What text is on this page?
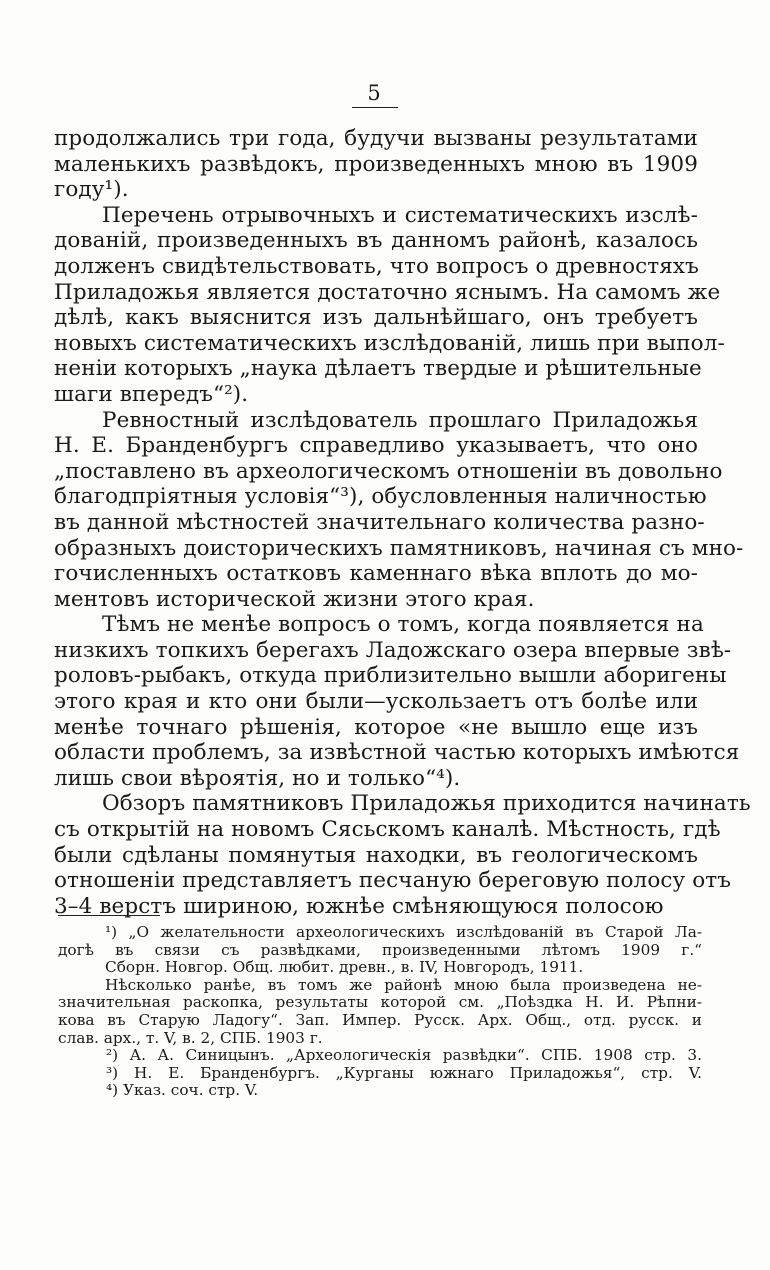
5

продолжались три года, будучи вызваны результатами
маленькихъ развѣдокъ, произведенныхъ мною въ 1909
году¹).

Перечень отрывочныхъ и систематическихъ изслѣ-
дованій, произведенныхъ въ данномъ районѣ, казалось
долженъ свидѣтельствовать, что вопросъ о древностяхъ
Приладожья является достаточно яснымъ. На самомъ же
дѣлѣ, какъ выяснится изъ дальнѣйшаго, онъ требуетъ
новыхъ систематическихъ изслѣдованій, лишь при выпол-
неніи которыхъ „наука дѣлаетъ твердые и рѣшительные
шаги впередъ“²).

Ревностный изслѣдователь прошлаго Приладожья
Н. Е. Бранденбургъ справедливо указываетъ, что оно
„поставлено въ археологическомъ отношеніи въ довольно
благодпріятныя условія“³), обусловленныя наличностью
въ данной мѣстностей значительнаго количества разно-
образныхъ доисторическихъ памятниковъ, начиная съ мно-
гочисленныхъ остатковъ каменнаго вѣка вплоть до мо-
ментовъ исторической жизни этого края.

Тѣмъ не менѣе вопросъ о томъ, когда появляется на
низкихъ топкихъ берегахъ Ладожскаго озера впервые звѣ-
роловъ-рыбакъ, откуда приблизительно вышли аборигены
этого края и кто они были—ускользаетъ отъ болѣе или
менѣе точнаго рѣшенія, которое «не вышло еще изъ
области проблемъ, за извѣстной частью которыхъ имѣются
лишь свои вѣроятія, но и только“⁴).

Обзоръ памятниковъ Приладожья приходится начинать
съ открытій на новомъ Сясьскомъ каналѣ. Мѣстность, гдѣ
были сдѣланы помянутыя находки, въ геологическомъ
отношеніи представляетъ песчаную береговую полосу отъ
3–4 верстъ шириною, южнѣе смѣняющуюся полосою

¹) „О желательности археологическихъ изслѣдованій въ Старой Ла-
догѣ въ связи съ развѣдками, произведенными лѣтомъ 1909 г.“
Сборн. Новгор. Общ. любит. древн., в. IV, Новгородъ, 1911.
Нѣсколько ранѣе, въ томъ же районѣ мною была произведена не-
значительная раскопка, результаты которой см. „Поѣздка Н. И. Рѣпни-
кова въ Старую Ладогу“. Зап. Импер. Русск. Арх. Общ., отд. русск. и
слав. арх., т. V, в. 2, СПБ. 1903 г.
²) А. А. Синицынъ. „Археологическія развѣдки“. СПБ. 1908 стр. 3.
³) Н. Е. Бранденбургъ. „Курганы южнаго Приладожья“, стр. V.
⁴) Указ. соч. стр. V.
